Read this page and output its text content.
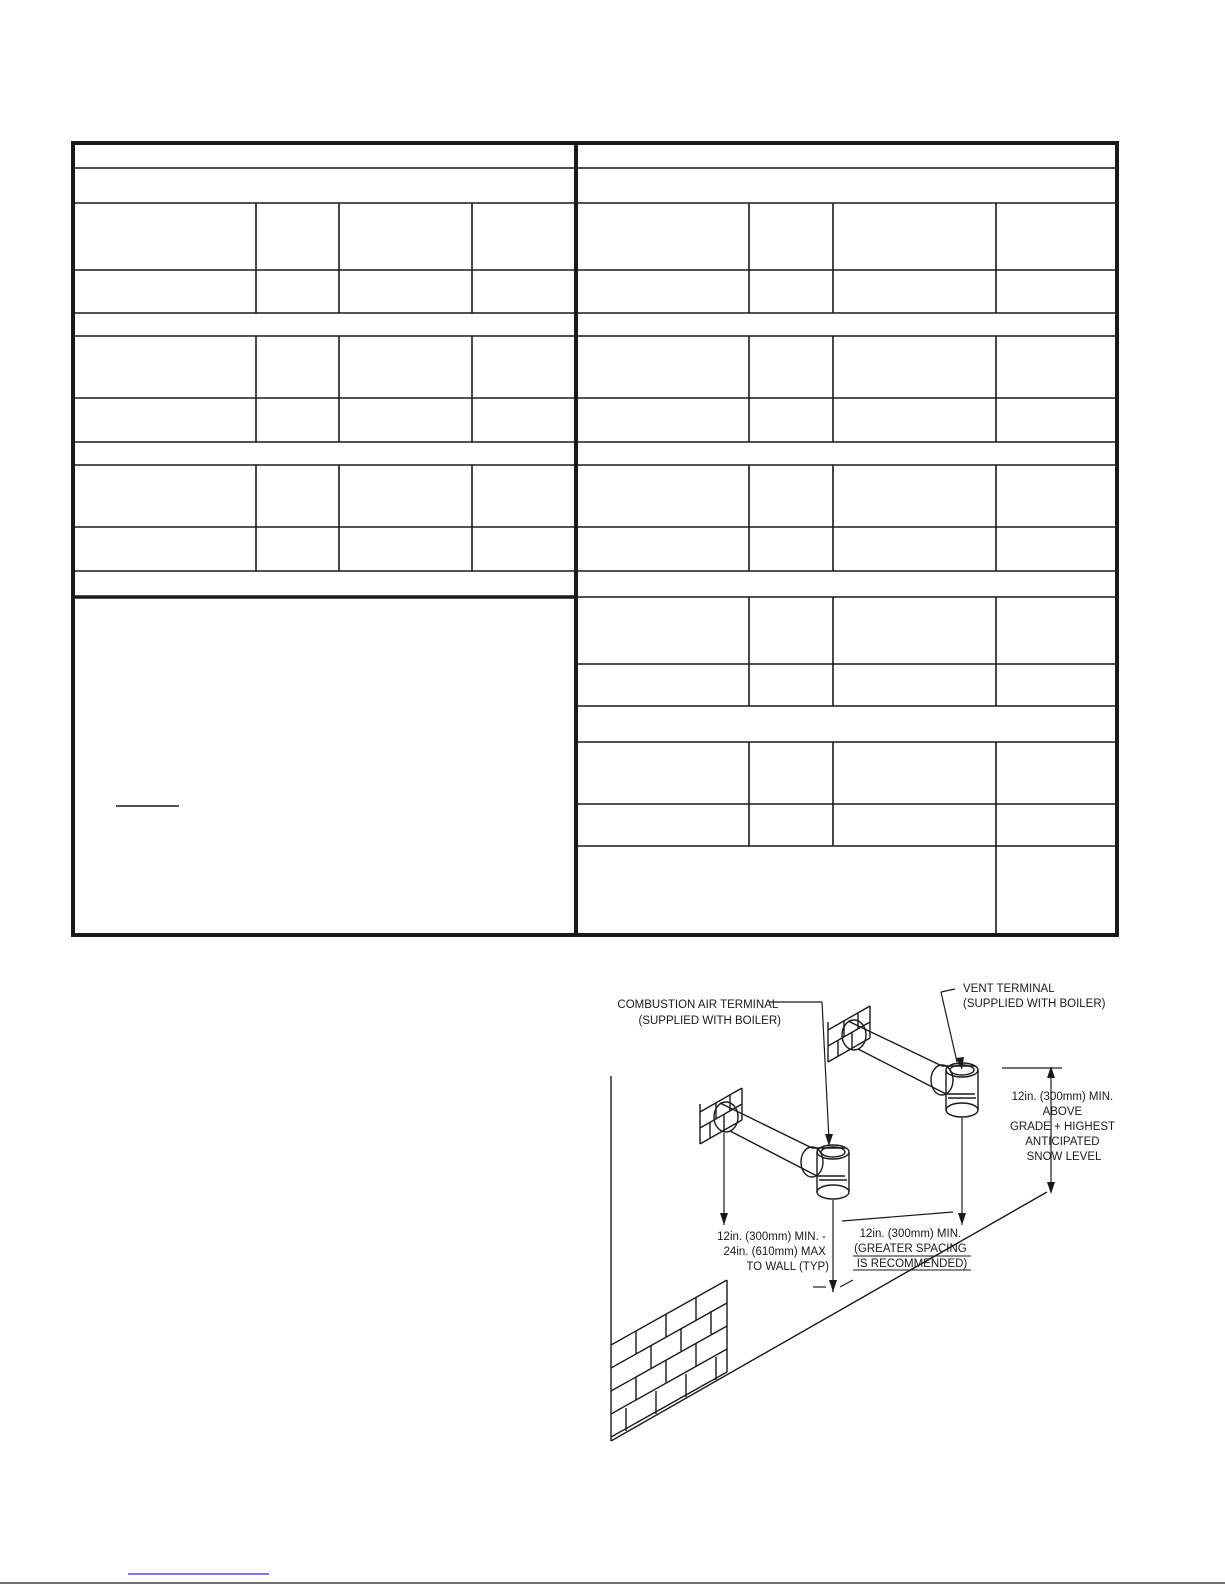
COMBUSTION AIR TERMINAL (SUPPLIED WITH BOILER)
VENT TERMINAL (SUPPLIED WITH BOILER)
12in. (300mm) MIN. ABOVE GRADE + HIGHEST ANTICIPATED SNOW LEVEL
12in. (300mm) MIN. - 24in. (610mm) MAX TO WALL (TYP)
12in. (300mm) MIN. (GREATER SPACING IS RECOMMENDED)
